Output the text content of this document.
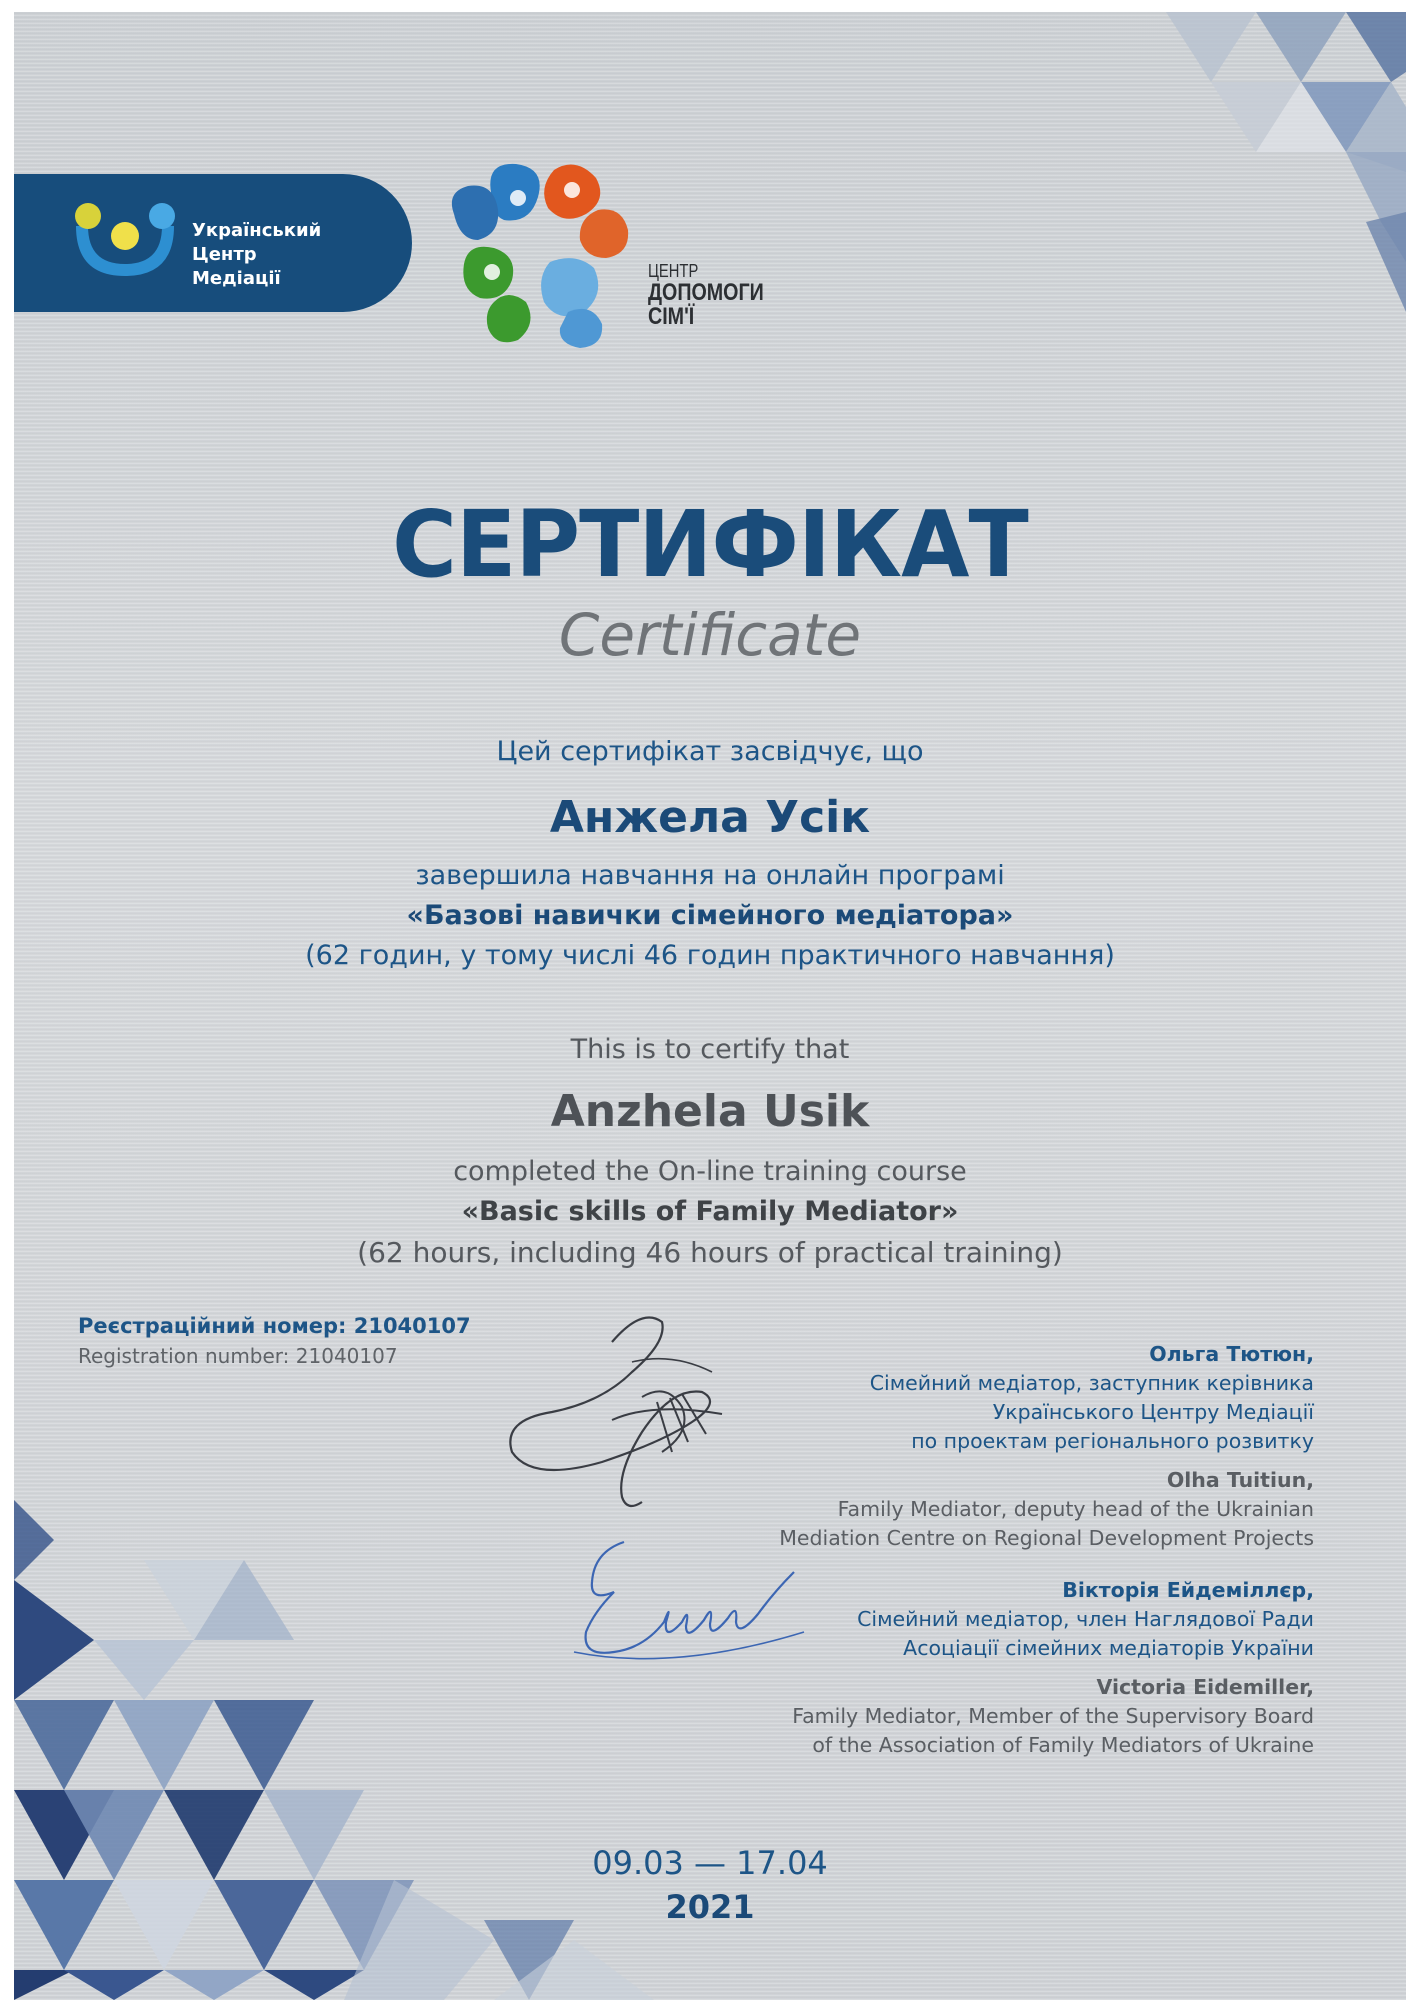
Український
Центр
Медіації	ЦЕНТР
ДОПОМОГИ
СІМ'Ї
СЕРТИФІКАТ
Certificate
Цей сертифікат засвідчує, що
Анжела Усік
завершила навчання на онлайн програмі
«Базові навички сімейного медіатора»
(62 годин, у тому числі 46 годин практичного навчання)
This is to certify that
Anzhela Usik
completed the On-line training course
«Basic skills of Family Mediator»
(62 hours, including 46 hours of practical training)
Реєстраційний номер: 21040107
Registration number: 21040107	Ольга Тютюн,
Сімейний медіатор, заступник керівника
Українського Центру Медіації
по проектам регіонального розвитку
Olha Tuitiun,
Family Mediator, deputy head of the Ukrainian
Mediation Centre on Regional Development Projects
Вікторія Ейдеміллєр,
Сімейний медіатор, член Наглядової Ради
Асоціації сімейних медіаторів України
Victoria Eidemiller,
Family Mediator, Member of the Supervisory Board
of the Association of Family Mediators of Ukraine
09.03 — 17.04
2021
